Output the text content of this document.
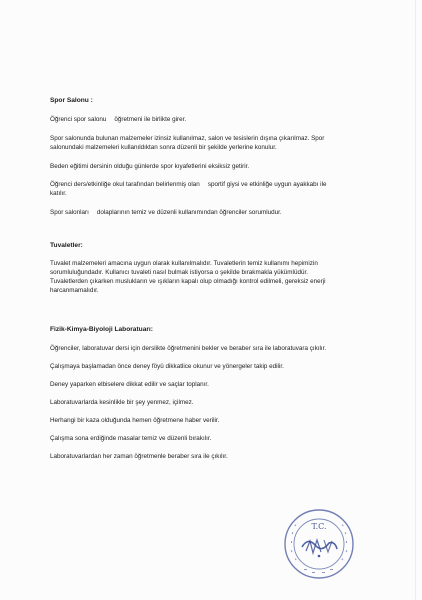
Spor Salonu :
Öğrenci spor salonu öğretmeni ile birlikte girer.
Spor salonunda bulunan malzemeler izinsiz kullanılmaz, salon ve tesislerin dışına çıkarılmaz. Spor
salonundaki malzemeleri kullanıldıktan sonra düzenli bir şekilde yerlerine konulur.
Beden eğitimi dersinin olduğu günlerde spor kıyafetlerini eksiksiz getirir.
Öğrenci ders/etkinliğe okul tarafından belirlenmiş olan sportif giysi ve etkinliğe uygun ayakkabı ile
katılır.
Spor salonları dolaplarının temiz ve düzenli kullanımından öğrenciler sorumludur.
Tuvaletler:
Tuvalet malzemeleri amacına uygun olarak kullanılmalıdır. Tuvaletlerin temiz kullanımı hepimizin
sorumluluğundadır. Kullanıcı tuvaleti nasıl bulmak istiyorsa o şekilde bırakmakla yükümlüdür.
Tuvaletlerden çıkarken muslukların ve ışıkların kapalı olup olmadığı kontrol edilmeli, gereksiz enerji
harcanmamalıdır.
Fizik-Kimya-Biyoloji Laboratuarı:
Öğrenciler, laboratuvar dersi için derslikte öğretmenini bekler ve beraber sıra ile laboratuvara çıkılır.
Çalışmaya başlamadan önce deney föyü dikkatlice okunur ve yönergeler takip edilir.
Deney yaparken elbiselere dikkat edilir ve saçlar toplanır.
Laboratuvarlarda kesinlikle bir şey yenmez, içilmez.
Herhangi bir kaza olduğunda hemen öğretmene haber verilir.
Çalışma sona erdiğinde masalar temiz ve düzenli bırakılır.
Laboratuvarlardan her zaman öğretmenle beraber sıra ile çıkılır.
T.C.
